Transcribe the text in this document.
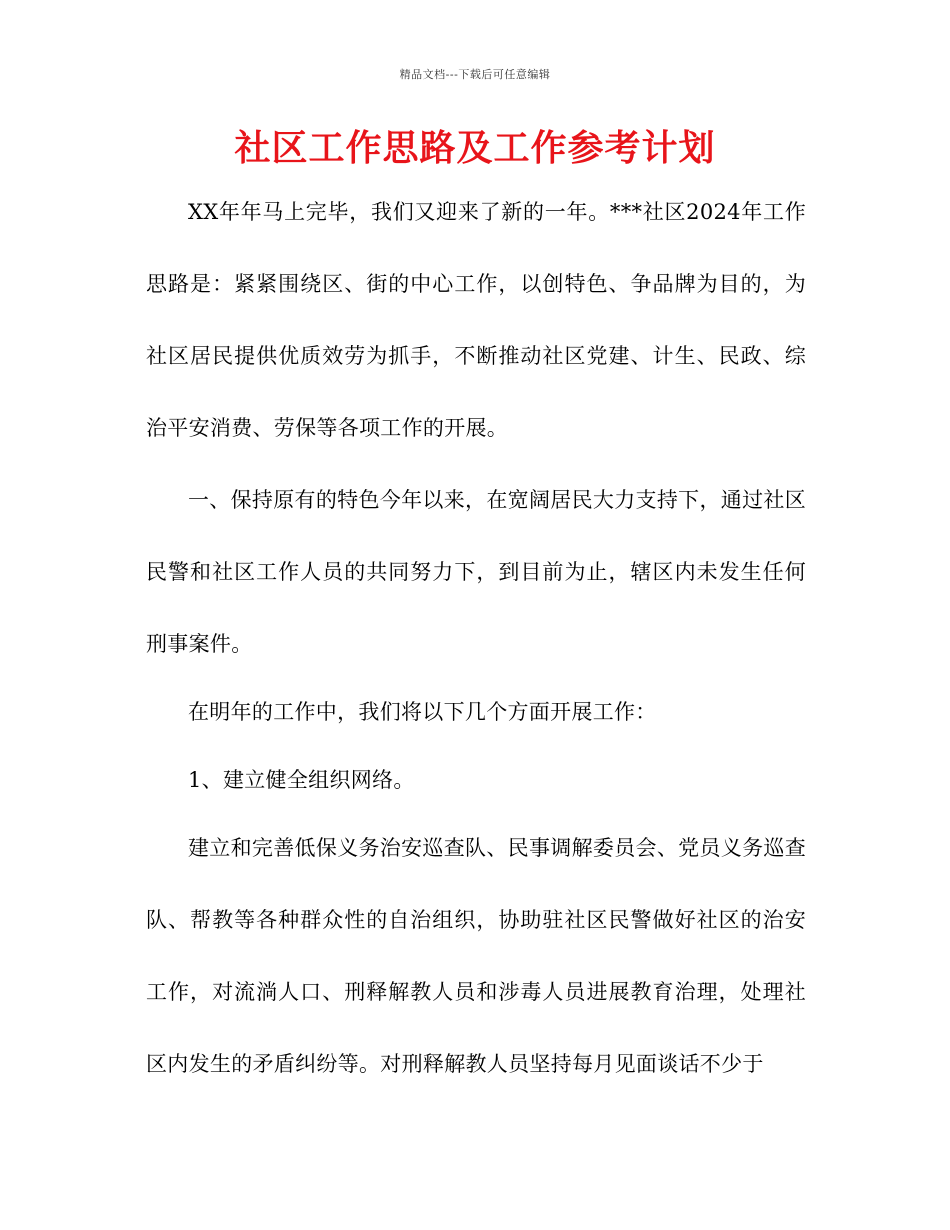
精品文档---下载后可任意编辑
社区工作思路及工作参考计划

XX年年马上完毕，我们又迎来了新的一年。***社区2024年工作思路是：紧紧围绕区、街的中心工作，以创特色、争品牌为目的，为社区居民提供优质效劳为抓手，不断推动社区党建、计生、民政、综治平安消费、劳保等各项工作的开展。

一、保持原有的特色今年以来，在宽阔居民大力支持下，通过社区民警和社区工作人员的共同努力下，到目前为止，辖区内未发生任何刑事案件。

在明年的工作中，我们将以下几个方面开展工作：

1、建立健全组织网络。

建立和完善低保义务治安巡查队、民事调解委员会、党员义务巡查队、帮教等各种群众性的自治组织，协助驻社区民警做好社区的治安工作，对流淌人口、刑释解教人员和涉毒人员进展教育治理，处理社区内发生的矛盾纠纷等。对刑释解教人员坚持每月见面谈话不少于
